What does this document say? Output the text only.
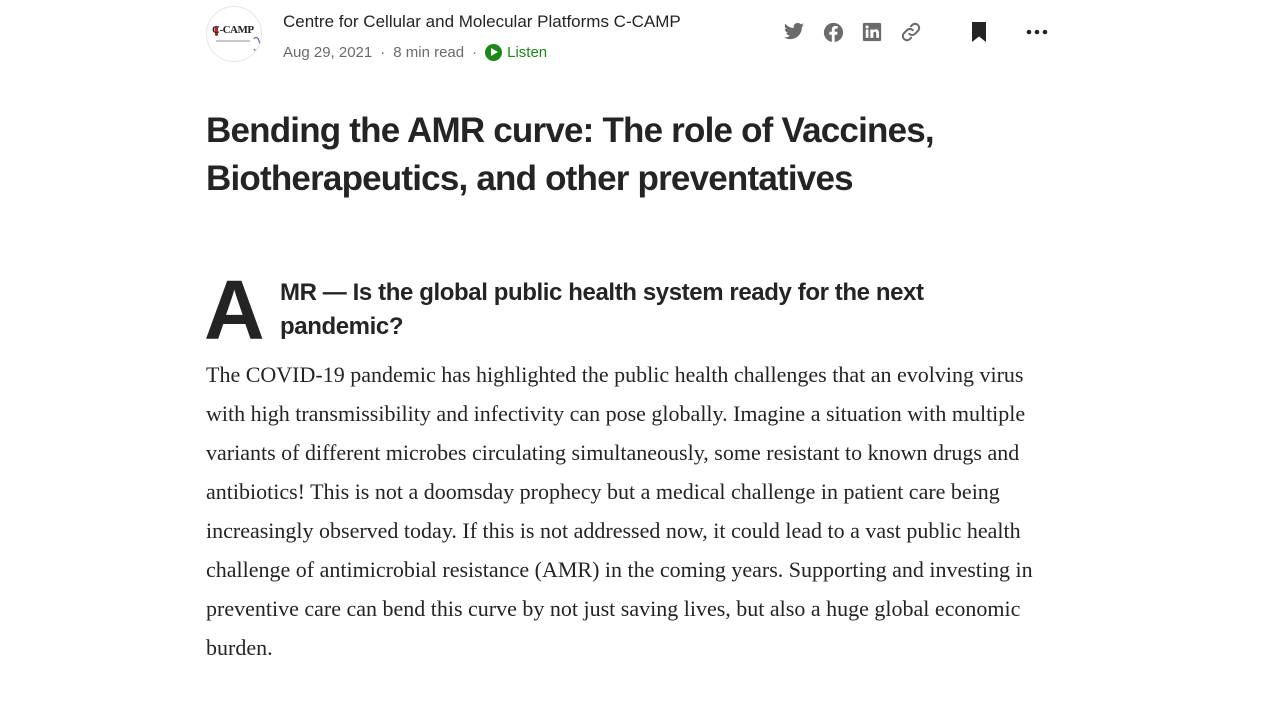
C-CAMP Centre for Cellular and Molecular Platforms C-CAMP
Aug 29, 2021 · 8 min read · Listen
Bending the AMR curve: The role of Vaccines, Biotherapeutics, and other preventatives
A MR — Is the global public health system ready for the next pandemic?

The COVID-19 pandemic has highlighted the public health challenges that an evolving virus with high transmissibility and infectivity can pose globally. Imagine a situation with multiple variants of different microbes circulating simultaneously, some resistant to known drugs and antibiotics! This is not a doomsday prophecy but a medical challenge in patient care being increasingly observed today. If this is not addressed now, it could lead to a vast public health challenge of antimicrobial resistance (AMR) in the coming years. Supporting and investing in preventive care can bend this curve by not just saving lives, but also a huge global economic burden.
